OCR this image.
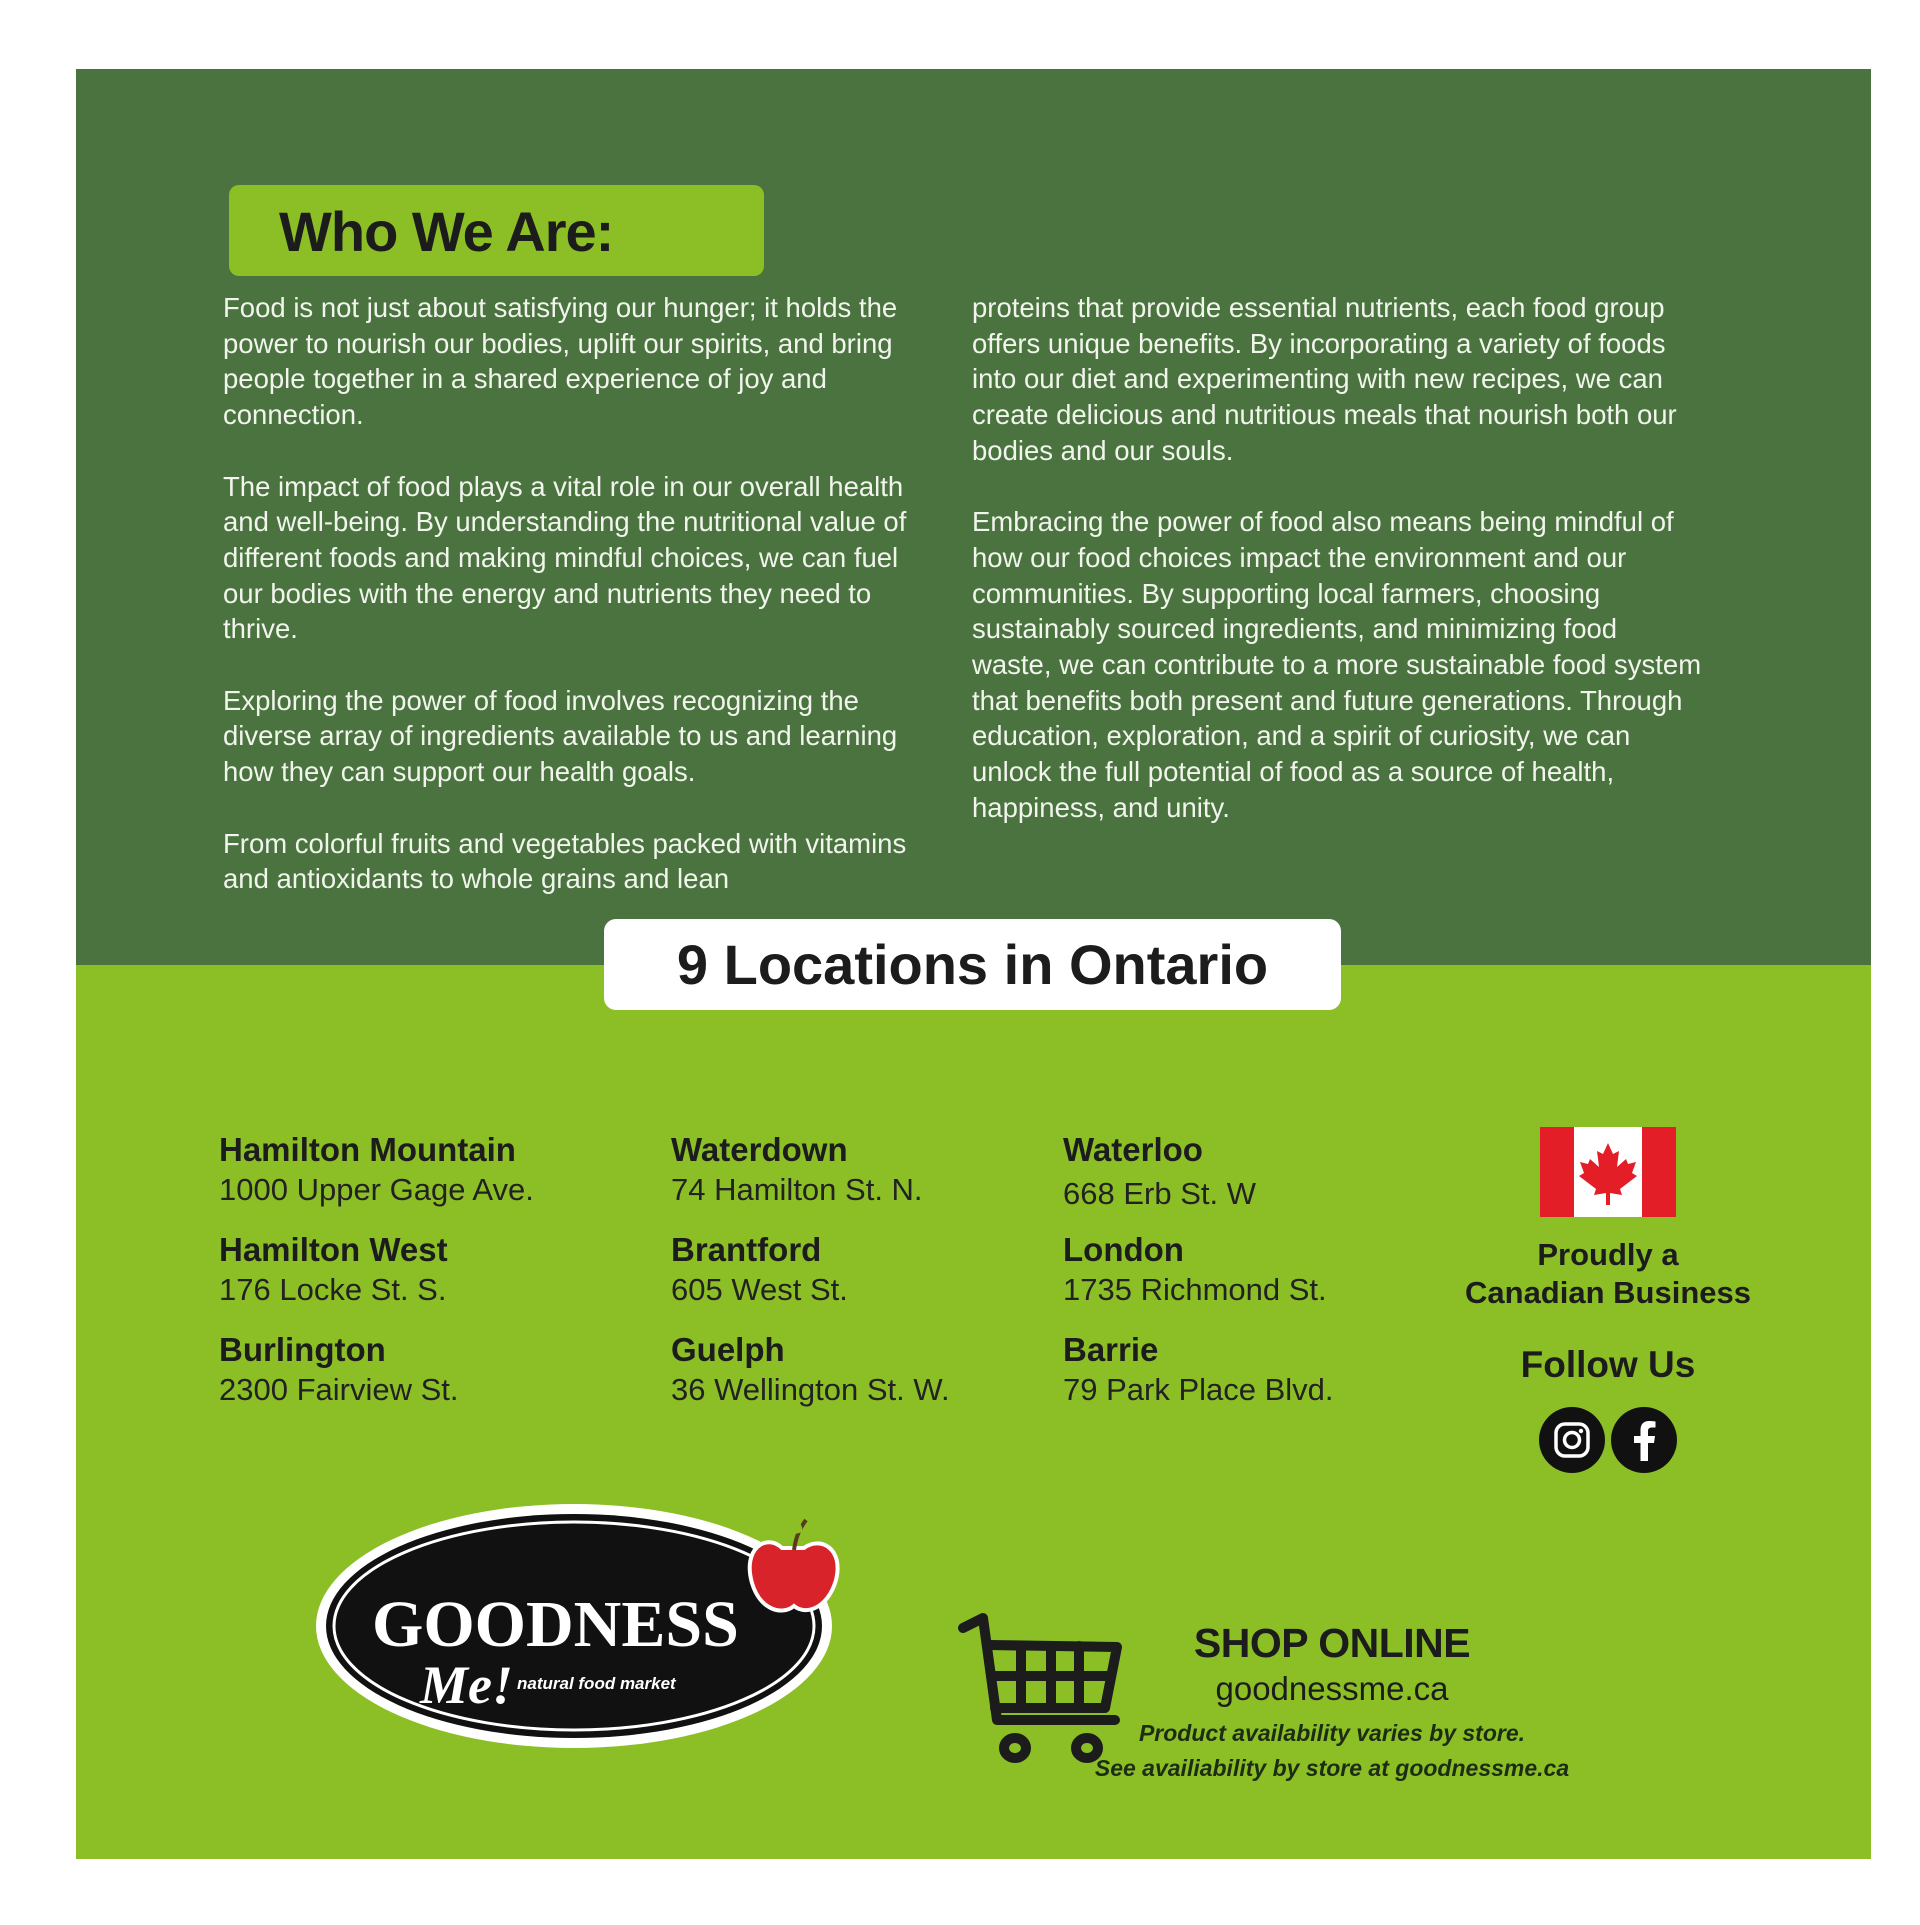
Who We Are:

Food is not just about satisfying our hunger; it holds the power to nourish our bodies, uplift our spirits, and bring people together in a shared experience of joy and connection.

The impact of food plays a vital role in our overall health and well-being. By understanding the nutritional value of different foods and making mindful choices, we can fuel our bodies with the energy and nutrients they need to thrive.

Exploring the power of food involves recognizing the diverse array of ingredients available to us and learning how they can support our health goals.

From colorful fruits and vegetables packed with vitamins and antioxidants to whole grains and lean

proteins that provide essential nutrients, each food group offers unique benefits. By incorporating a variety of foods into our diet and experimenting with new recipes, we can create delicious and nutritious meals that nourish both our bodies and our souls.

Embracing the power of food also means being mindful of how our food choices impact the environment and our communities. By supporting local farmers, choosing sustainably sourced ingredients, and minimizing food waste, we can contribute to a more sustainable food system that benefits both present and future generations. Through education, exploration, and a spirit of curiosity, we can unlock the full potential of food as a source of health, happiness, and unity.

9 Locations in Ontario
Hamilton Mountain
1000 Upper Gage Ave.
Hamilton West
176 Locke St. S.
Burlington
2300 Fairview St.
Waterdown
74 Hamilton St. N.
Brantford
605 West St.
Guelph
36 Wellington St. W.
Waterloo
668 Erb St. W
London
1735 Richmond St.
Barrie
79 Park Place Blvd.
Proudly a
Canadian Business
Follow Us
GOODNESS
Me! natural food market
SHOP ONLINE
goodnessme.ca
Product availability varies by store.
See availiability by store at goodnessme.ca
